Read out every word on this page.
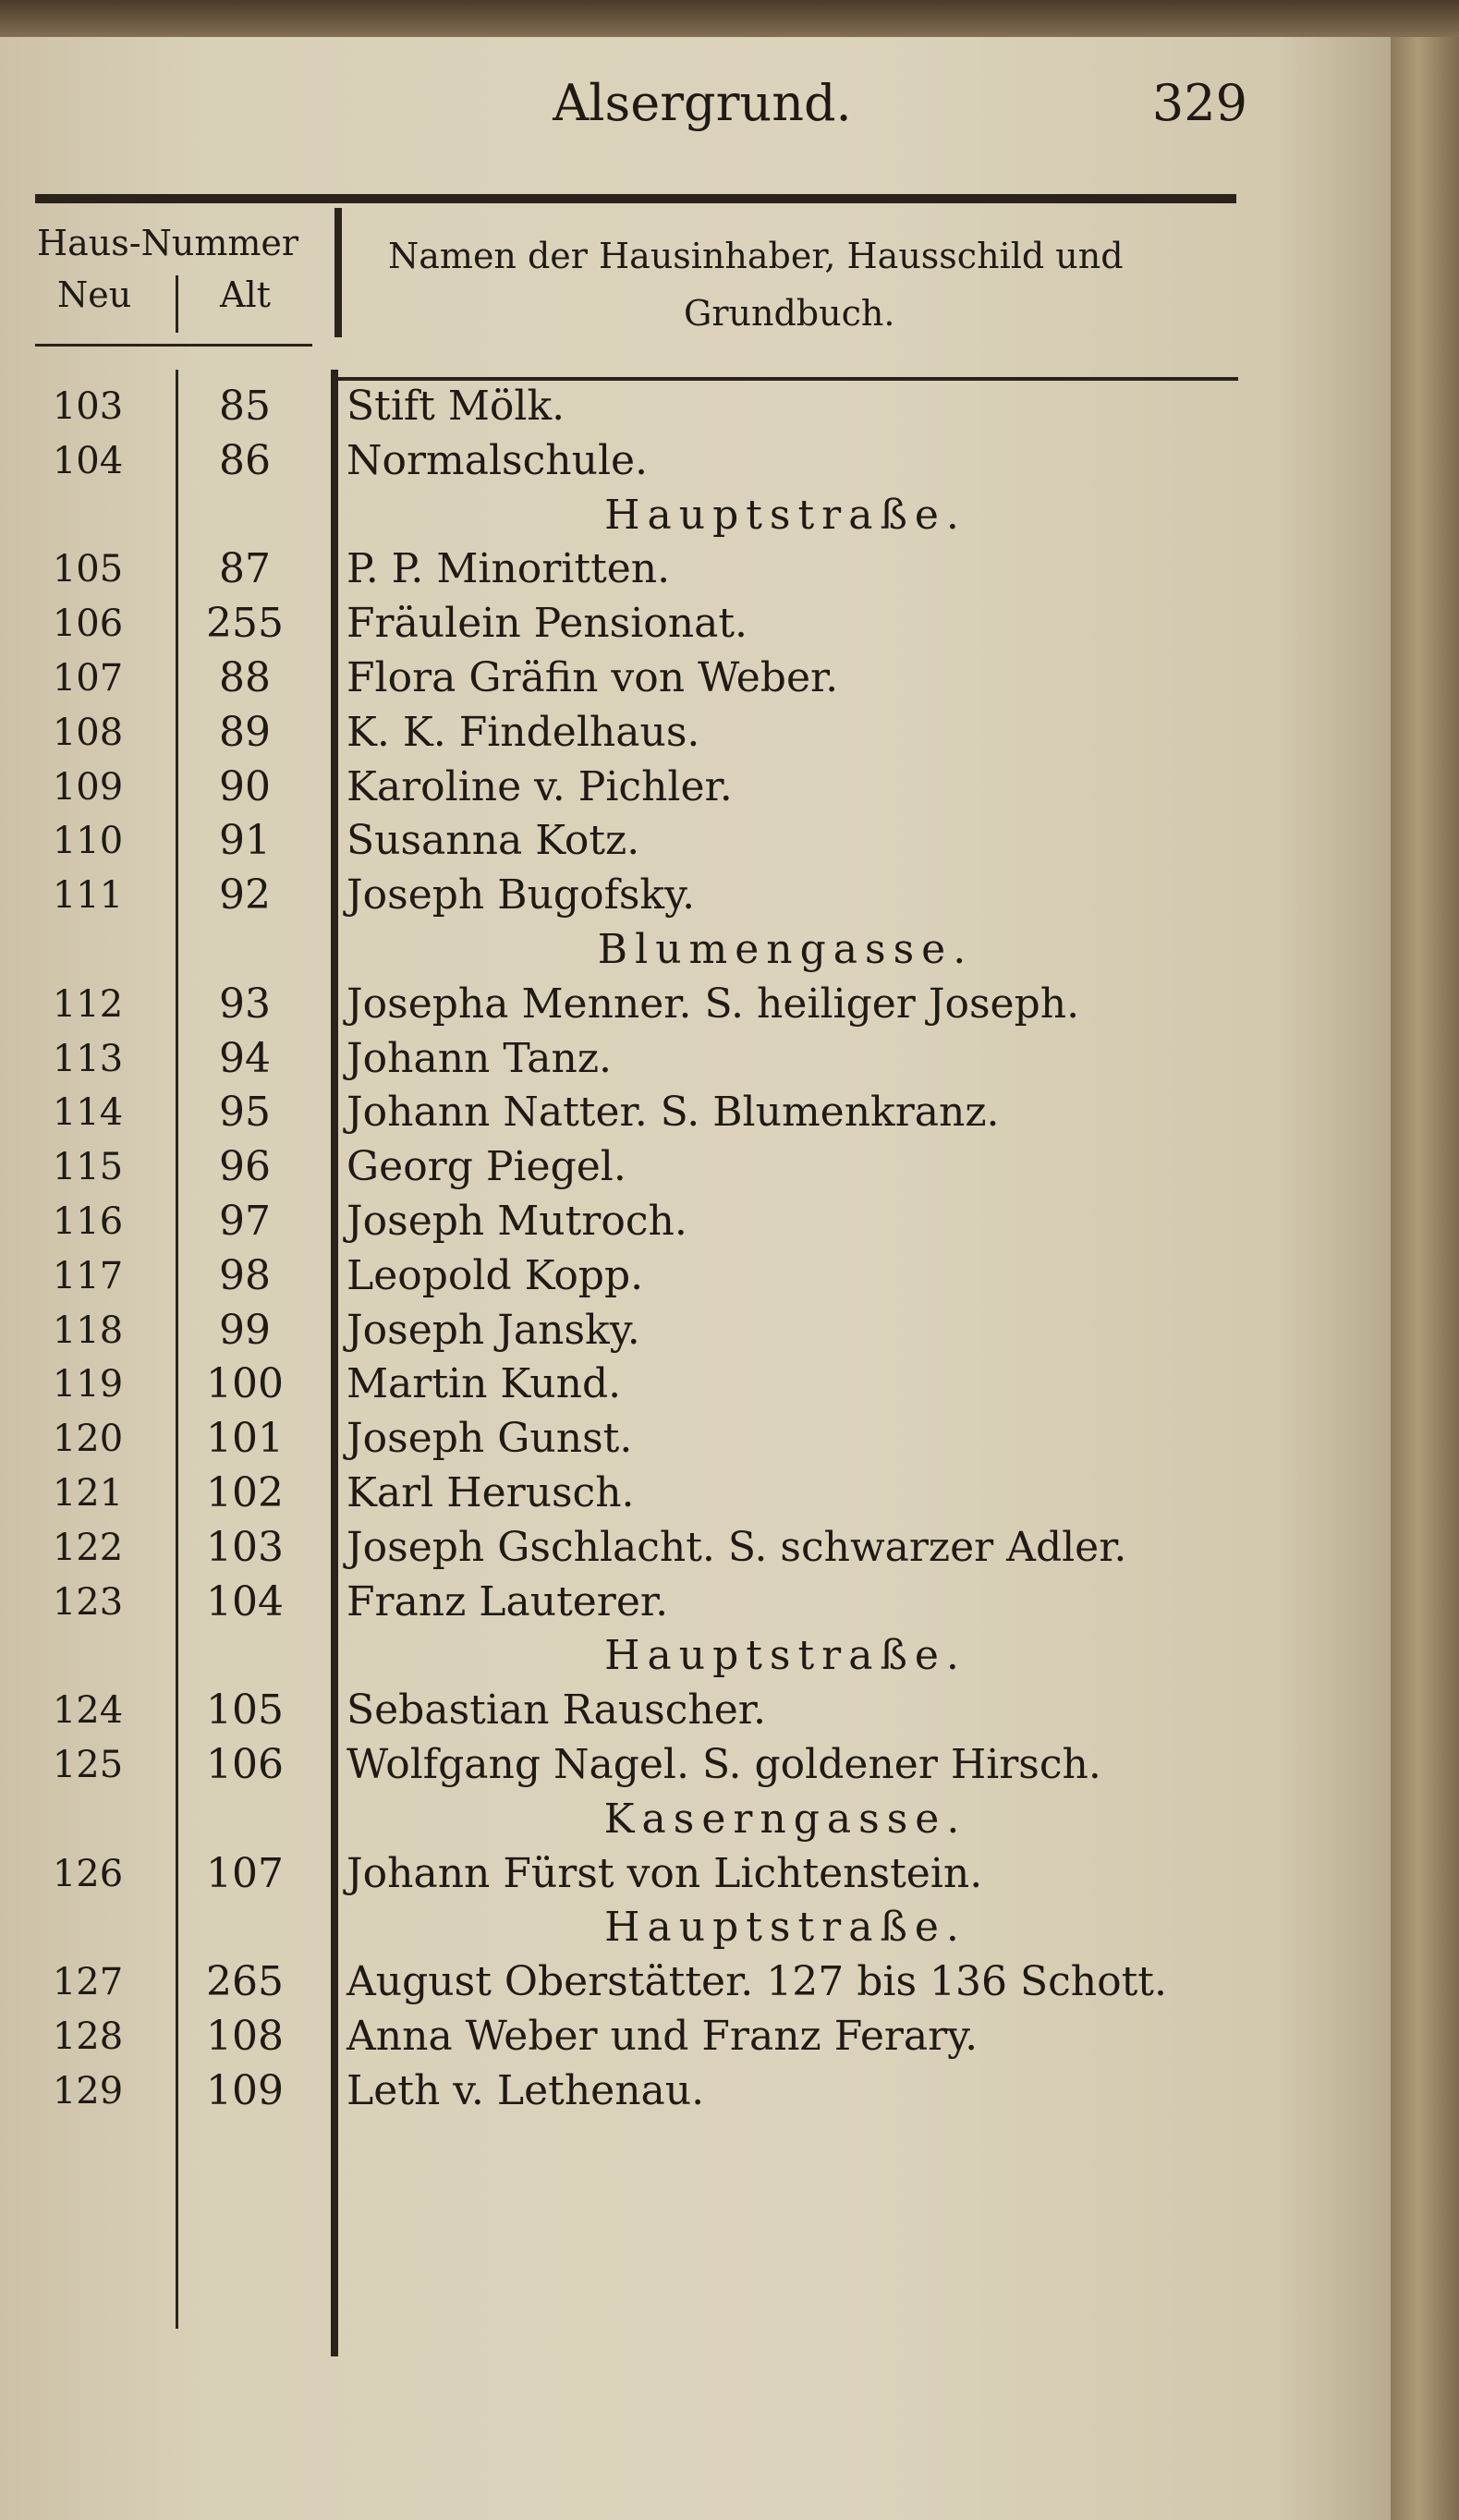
Alsergrund.	329
Haus-Nummer
Neu	Alt
Namen der Hausinhaber, Hausschild und
Grundbuch.
103	85	Stift Mölk.
104	86	Normalschule.
Hauptstraße.
105	87	P. P. Minoritten.
106	255	Fräulein Pensionat.
107	88	Flora Gräfin von Weber.
108	89	K. K. Findelhaus.
109	90	Karoline v. Pichler.
110	91	Susanna Kotz.
111	92	Joseph Bugofsky.
Blumengasse.
112	93	Josepha Menner. S. heiliger Joseph.
113	94	Johann Tanz.
114	95	Johann Natter. S. Blumenkranz.
115	96	Georg Piegel.
116	97	Joseph Mutroch.
117	98	Leopold Kopp.
118	99	Joseph Jansky.
119	100	Martin Kund.
120	101	Joseph Gunst.
121	102	Karl Herusch.
122	103	Joseph Gschlacht. S. schwarzer Adler.
123	104	Franz Lauterer.
Hauptstraße.
124	105	Sebastian Rauscher.
125	106	Wolfgang Nagel. S. goldener Hirsch.
Kaserngasse.
126	107	Johann Fürst von Lichtenstein.
Hauptstraße.
127	265	August Oberstätter. 127 bis 136 Schott.
128	108	Anna Weber und Franz Ferary.
129	109	Leth v. Lethenau.
